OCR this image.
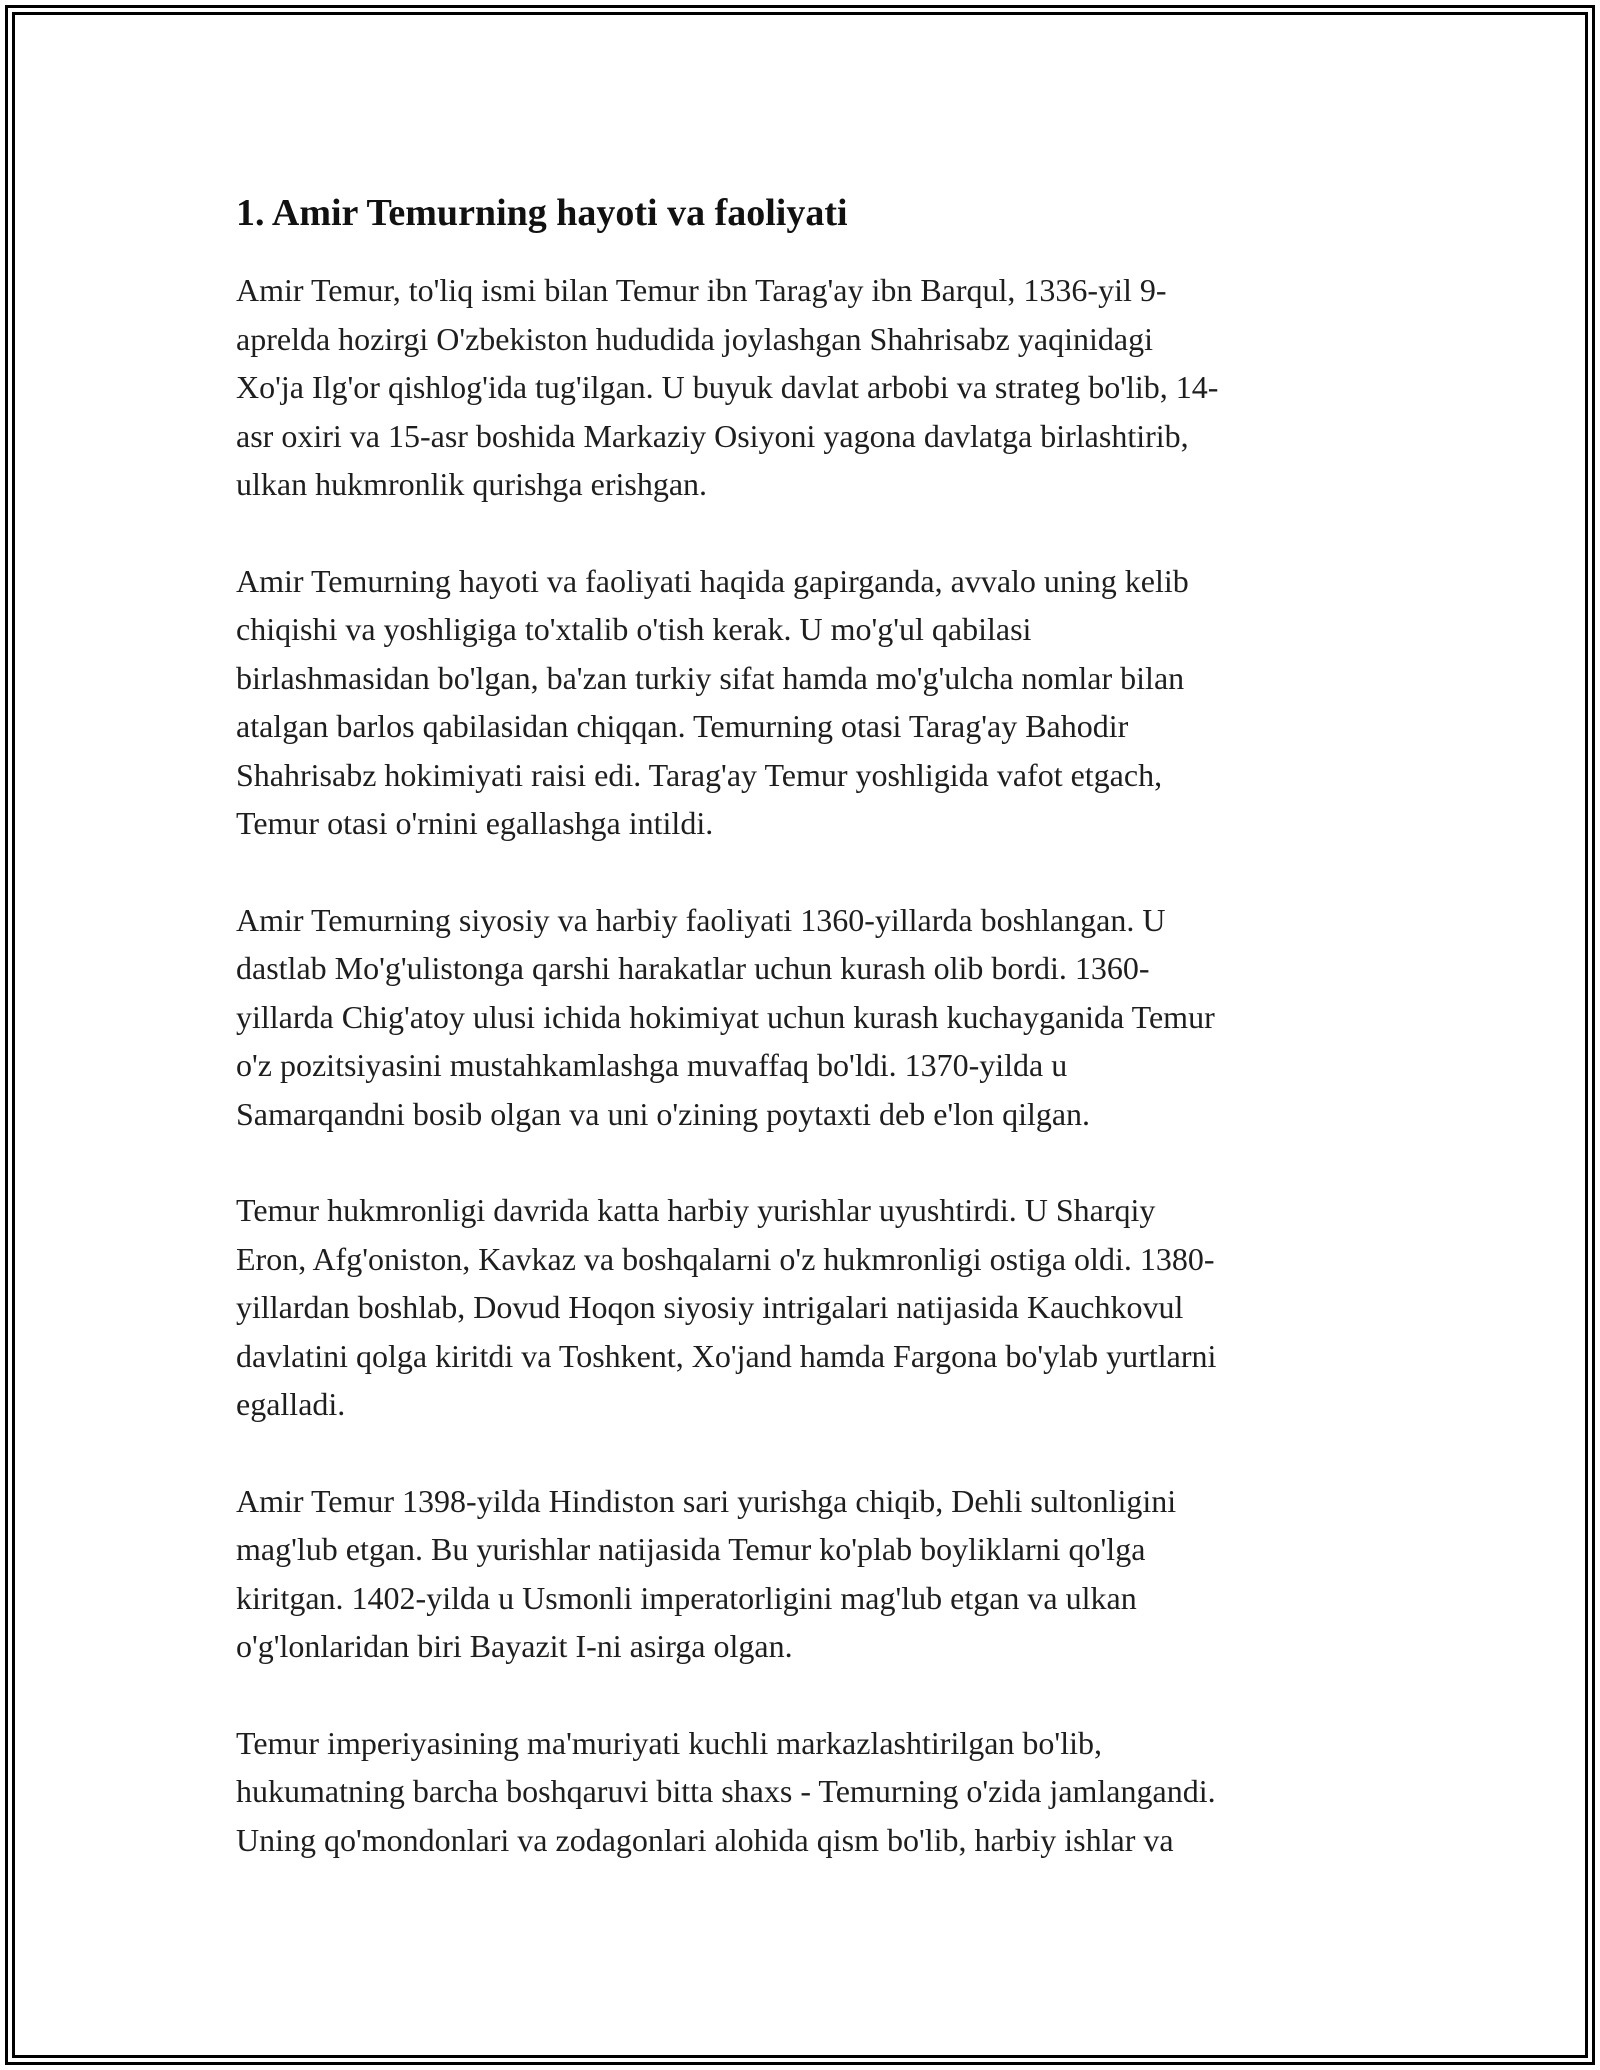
1. Amir Temurning hayoti va faoliyati

Amir Temur, to'liq ismi bilan Temur ibn Tarag'ay ibn Barqul, 1336-yil 9-
aprelda hozirgi O'zbekiston hududida joylashgan Shahrisabz yaqinidagi
Xo'ja Ilg'or qishlog'ida tug'ilgan. U buyuk davlat arbobi va strateg bo'lib, 14-
asr oxiri va 15-asr boshida Markaziy Osiyoni yagona davlatga birlashtirib,
ulkan hukmronlik qurishga erishgan.

Amir Temurning hayoti va faoliyati haqida gapirganda, avvalo uning kelib
chiqishi va yoshligiga to'xtalib o'tish kerak. U mo'g'ul qabilasi
birlashmasidan bo'lgan, ba'zan turkiy sifat hamda mo'g'ulcha nomlar bilan
atalgan barlos qabilasidan chiqqan. Temurning otasi Tarag'ay Bahodir
Shahrisabz hokimiyati raisi edi. Tarag'ay Temur yoshligida vafot etgach,
Temur otasi o'rnini egallashga intildi.

Amir Temurning siyosiy va harbiy faoliyati 1360-yillarda boshlangan. U
dastlab Mo'g'ulistonga qarshi harakatlar uchun kurash olib bordi. 1360-
yillarda Chig'atoy ulusi ichida hokimiyat uchun kurash kuchayganida Temur
o'z pozitsiyasini mustahkamlashga muvaffaq bo'ldi. 1370-yilda u
Samarqandni bosib olgan va uni o'zining poytaxti deb e'lon qilgan.

Temur hukmronligi davrida katta harbiy yurishlar uyushtirdi. U Sharqiy
Eron, Afg'oniston, Kavkaz va boshqalarni o'z hukmronligi ostiga oldi. 1380-
yillardan boshlab, Dovud Hoqon siyosiy intrigalari natijasida Kauchkovul
davlatini qolga kiritdi va Toshkent, Xo'jand hamda Fargona bo'ylab yurtlarni
egalladi.

Amir Temur 1398-yilda Hindiston sari yurishga chiqib, Dehli sultonligini
mag'lub etgan. Bu yurishlar natijasida Temur ko'plab boyliklarni qo'lga
kiritgan. 1402-yilda u Usmonli imperatorligini mag'lub etgan va ulkan
o'g'lonlaridan biri Bayazit I-ni asirga olgan.

Temur imperiyasining ma'muriyati kuchli markazlashtirilgan bo'lib,
hukumatning barcha boshqaruvi bitta shaxs - Temurning o'zida jamlangandi.
Uning qo'mondonlari va zodagonlari alohida qism bo'lib, harbiy ishlar va
